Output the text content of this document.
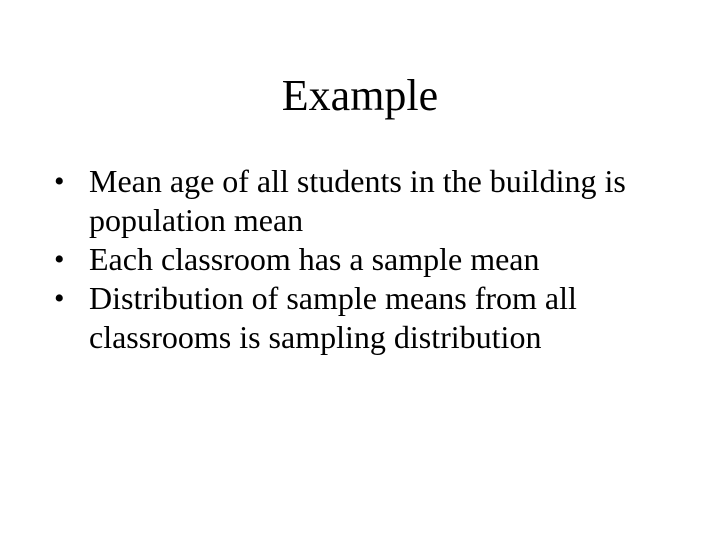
Example
• Mean age of all students in the building is population mean
• Each classroom has a sample mean
• Distribution of sample means from all classrooms is sampling distribution
